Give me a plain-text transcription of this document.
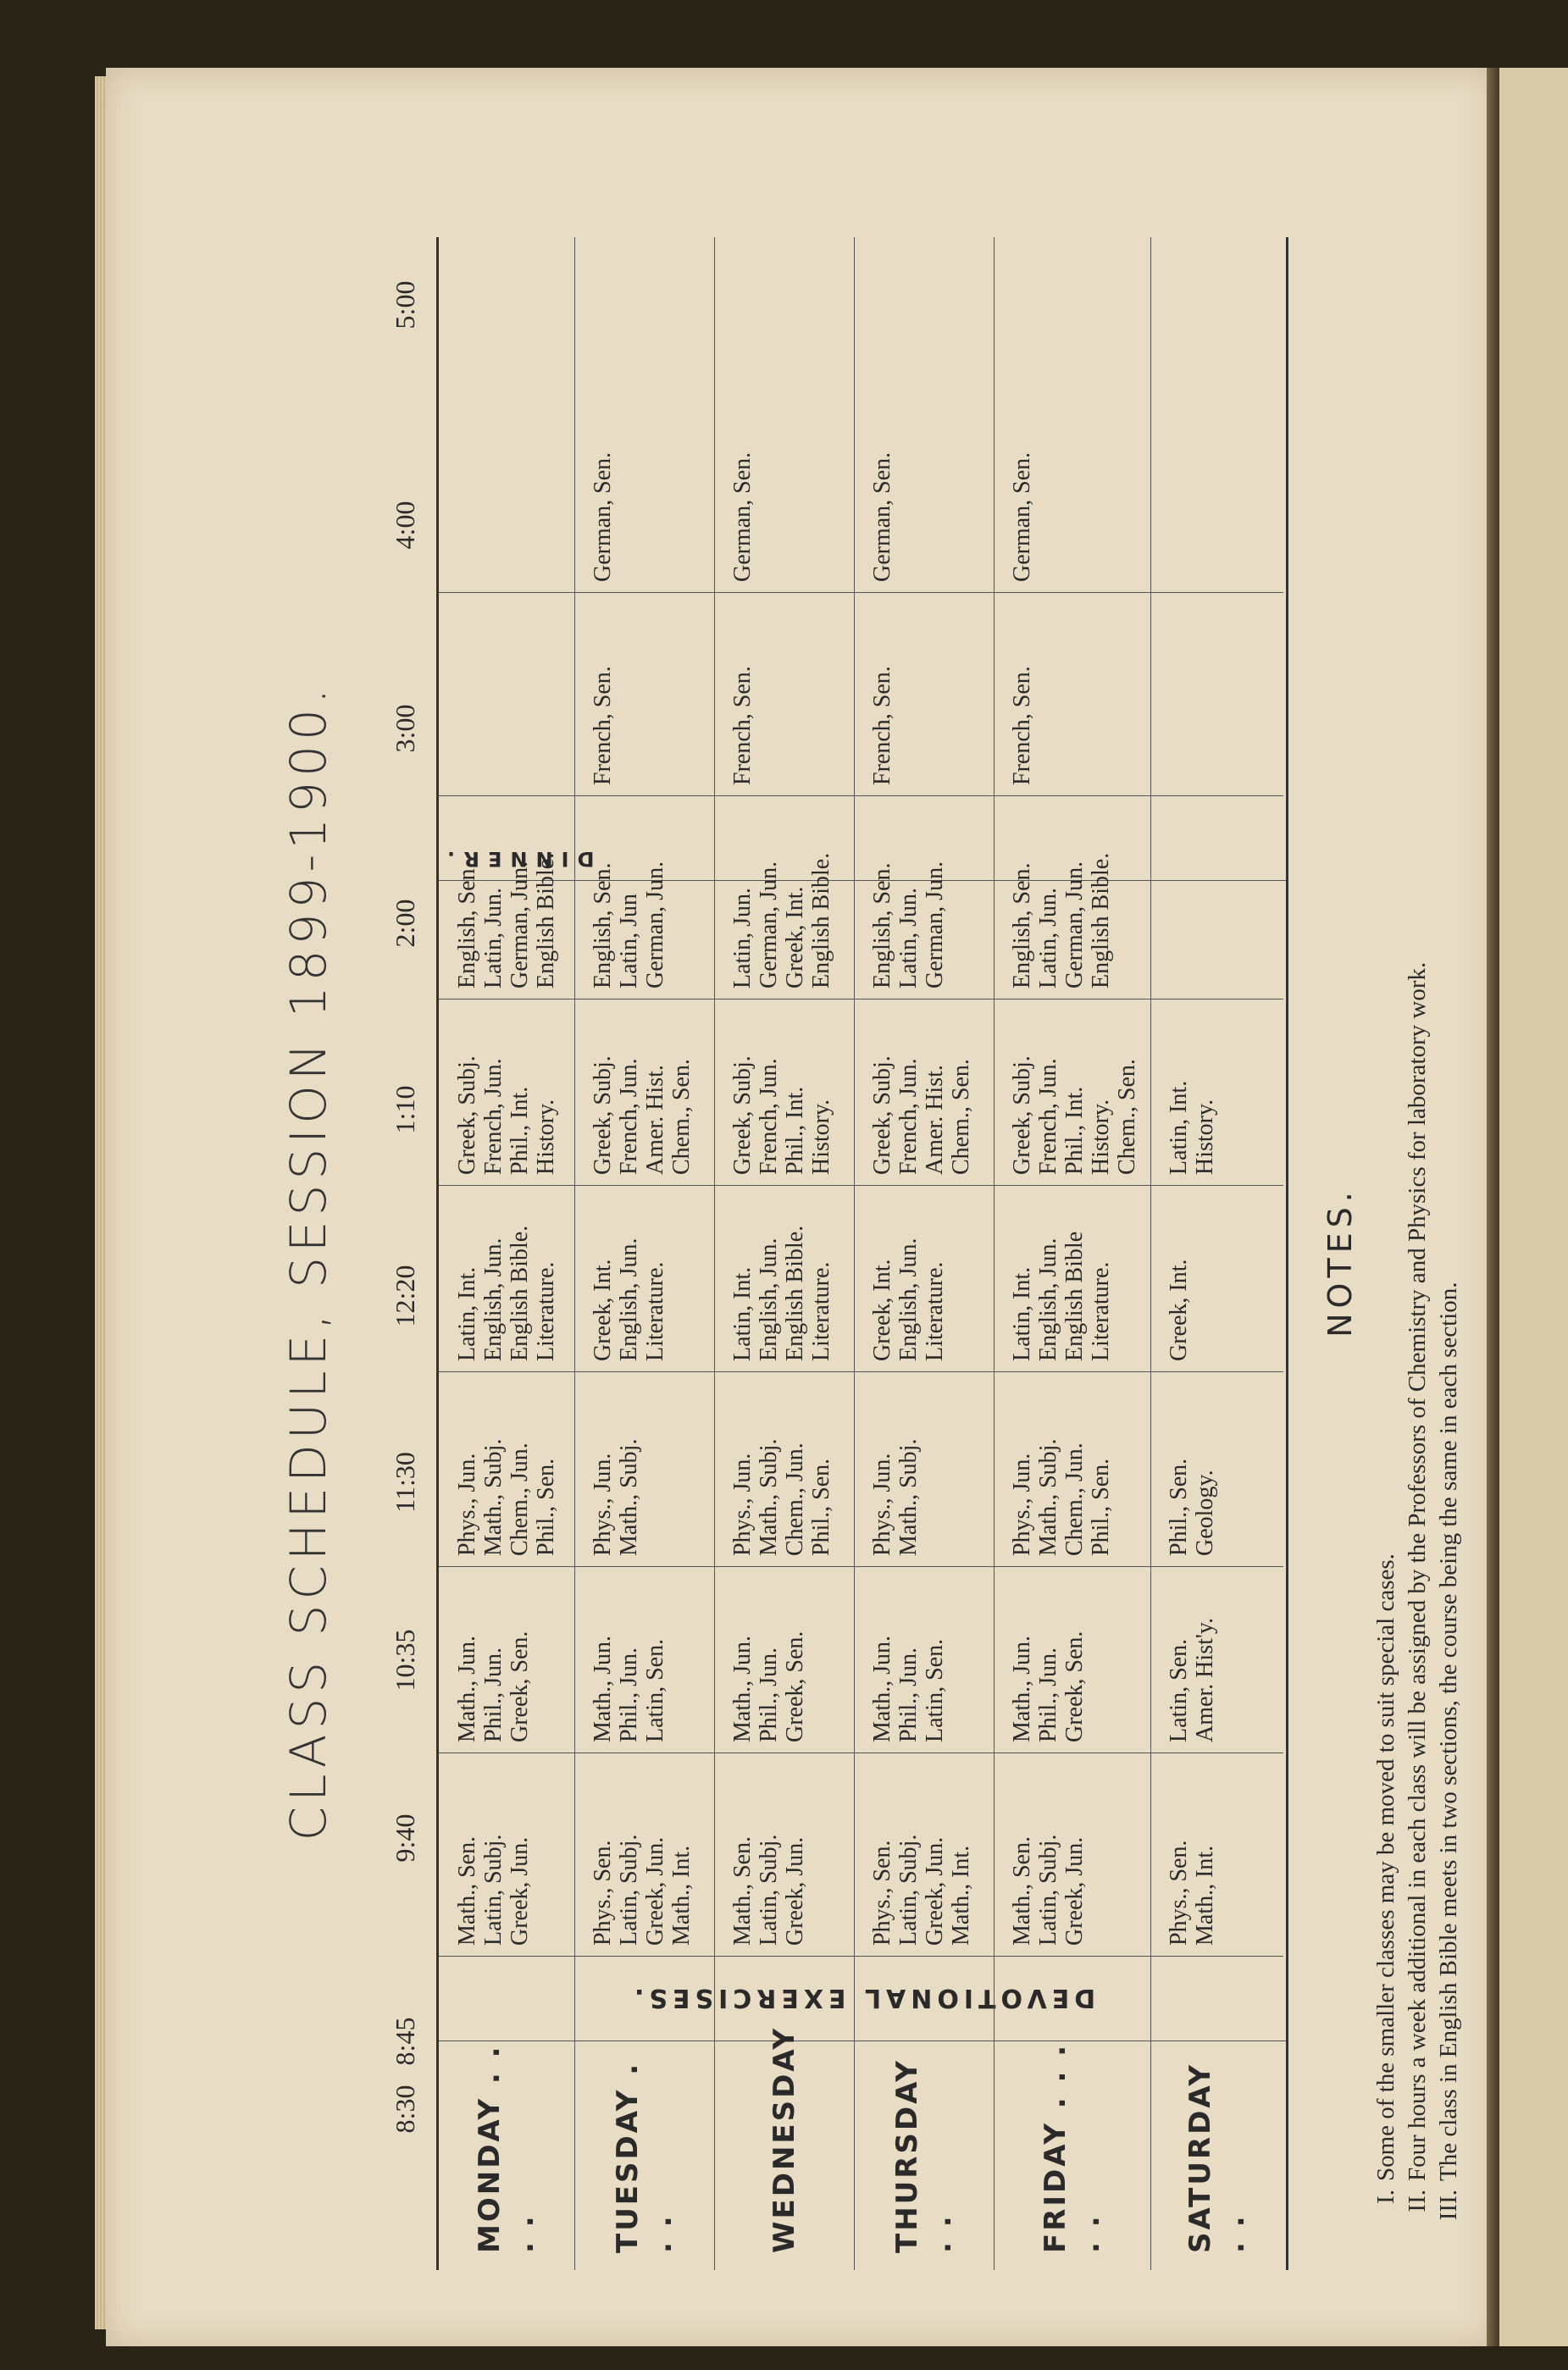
CLASS SCHEDULE, SESSION 1899-1900.
8:30
8:45
9:40
10:35
11:30
12:20
1:10
2:00
3:00
4:00
5:00
DEVOTIONAL EXERCISES.
DINNER.
MONDAY . . . .
Math., Sen.
Latin, Subj.
Greek, Jun.
Math., Jun.
Phil., Jun.
Greek, Sen.
Phys., Jun.
Math., Subj.
Chem., Jun.
Phil., Sen.
Latin, Int.
English, Jun.
English Bible.
Literature.
Greek, Subj.
French, Jun.
Phil., Int.
History.
English, Sen.
Latin, Jun.
German, Jun.
English Bible.
TUESDAY . . .
Phys., Sen.
Latin, Subj.
Greek, Jun.
Math., Int.
Math., Jun.
Phil., Jun.
Latin, Sen.
Phys., Jun.
Math., Subj.
Greek, Int.
English, Jun.
Literature.
Greek, Subj.
French, Jun.
Amer. Hist.
Chem., Sen.
English, Sen.
Latin, Jun
German, Jun.
French, Sen.
German, Sen.
WEDNESDAY
Math., Sen.
Latin, Subj.
Greek, Jun.
Math., Jun.
Phil., Jun.
Greek, Sen.
Phys., Jun.
Math., Subj.
Chem., Jun.
Phil., Sen.
Latin, Int.
English, Jun.
English Bible.
Literature.
Greek, Subj.
French, Jun.
Phil., Int.
History.
Latin, Jun.
German, Jun.
Greek, Int.
English Bible.
French, Sen.
German, Sen.
THURSDAY . .
Phys., Sen.
Latin, Subj.
Greek, Jun.
Math., Int.
Math., Jun.
Phil., Jun.
Latin, Sen.
Phys., Jun.
Math., Subj.
Greek, Int.
English, Jun.
Literature.
Greek, Subj.
French, Jun.
Amer. Hist.
Chem., Sen.
English, Sen.
Latin, Jun.
German, Jun.
French, Sen.
German, Sen.
FRIDAY . . . . .
Math., Sen.
Latin, Subj.
Greek, Jun.
Math., Jun.
Phil., Jun.
Greek, Sen.
Phys., Jun.
Math., Subj.
Chem., Jun.
Phil., Sen.
Latin, Int.
English, Jun.
English Bible
Literature.
Greek, Subj.
French, Jun.
Phil., Int.
History.
Chem., Sen.
English, Sen.
Latin, Jun.
German, Jun.
English Bible.
French, Sen.
German, Sen.
SATURDAY . .
Phys., Sen.
Math., Int.
Latin, Sen.
Amer. Hist'y.
Phil., Sen.
Geology.
Greek, Int.
Latin, Int.
History.
NOTES.
I.Some of the smaller classes may be moved to suit special cases.
II.Four hours a week additional in each class will be assigned by the Professors of Chemistry and Physics for laboratory work.
III.The class in English Bible meets in two sections, the course being the same in each section.
